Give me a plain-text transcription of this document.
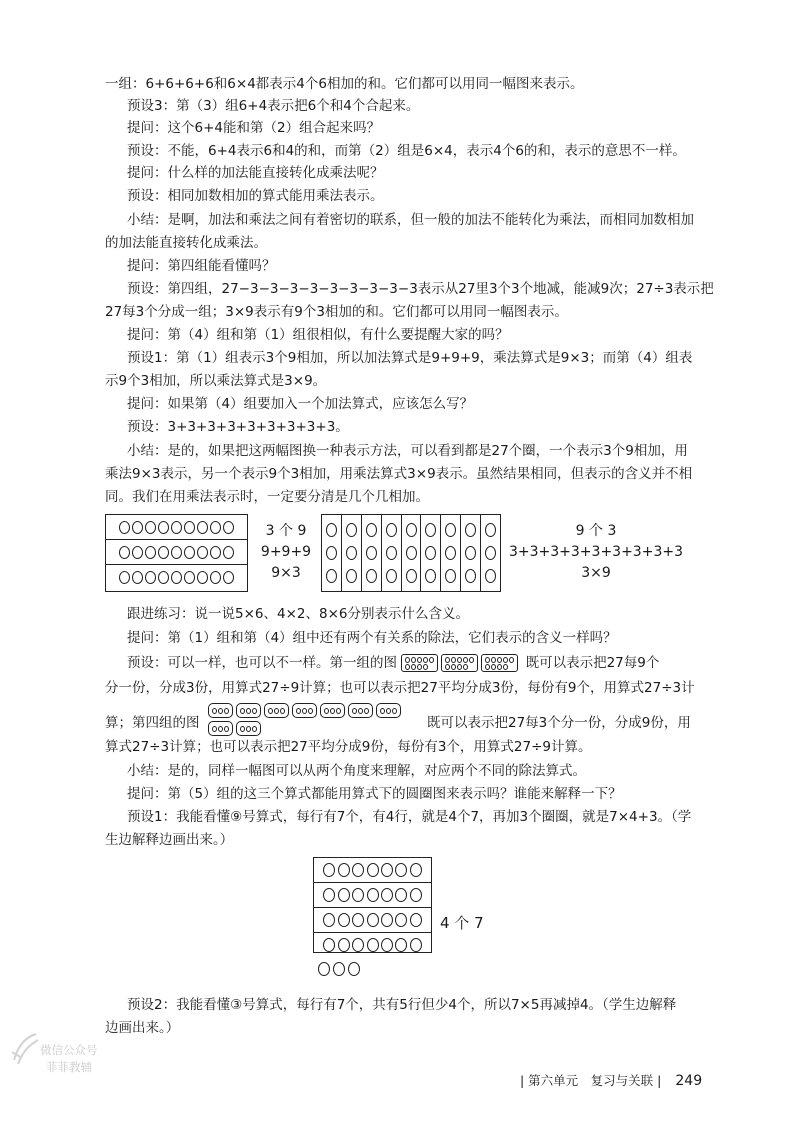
一组：6+6+6+6和6×4都表示4个6相加的和。它们都可以用同一幅图来表示。
预设3：第（3）组6+4表示把6个和4个合起来。
提问：这个6+4能和第（2）组合起来吗？
预设：不能，6+4表示6和4的和，而第（2）组是6×4，表示4个6的和，表示的意思不一样。
提问：什么样的加法能直接转化成乘法呢？
预设：相同加数相加的算式能用乘法表示。
小结：是啊，加法和乘法之间有着密切的联系，但一般的加法不能转化为乘法，而相同加数相加
的加法能直接转化成乘法。
提问：第四组能看懂吗？
预设：第四组，27−3−3−3−3−3−3−3−3−3表示从27里3个3个地减，能减9次；27÷3表示把
27每3个分成一组；3×9表示有9个3相加的和。它们都可以用同一幅图表示。
提问：第（4）组和第（1）组很相似，有什么要提醒大家的吗？
预设1：第（1）组表示3个9相加，所以加法算式是9+9+9，乘法算式是9×3；而第（4）组表
示9个3相加，所以乘法算式是3×9。
提问：如果第（4）组要加入一个加法算式，应该怎么写？
预设：3+3+3+3+3+3+3+3+3。
小结：是的，如果把这两幅图换一种表示方法，可以看到都是27个圈，一个表示3个9相加，用
乘法9×3表示，另一个表示9个3相加，用乘法算式3×9表示。虽然结果相同，但表示的含义并不相
同。我们在用乘法表示时，一定要分清是几个几相加。
3 个 9
9+9+9
9×3
9 个 3
3+3+3+3+3+3+3+3+3
3×9
跟进练习：说一说5×6、4×2、8×6分别表示什么含义。
提问：第（1）组和第（4）组中还有两个有关系的除法，它们表示的含义一样吗？
预设：可以一样，也可以不一样。第一组的图	既可以表示把27每9个
分一份，分成3份，用算式27÷9计算；也可以表示把27平均分成3份，每份有9个，用算式27÷3计
算；第四组的图	既可以表示把27每3个分一份，分成9份，用
算式27÷3计算；也可以表示把27平均分成9份，每份有3个，用算式27÷9计算。
小结：是的，同样一幅图可以从两个角度来理解，对应两个不同的除法算式。
提问：第（5）组的这三个算式都能用算式下的圆圈图来表示吗？谁能来解释一下？
预设1：我能看懂⑨号算式，每行有7个，有4行，就是4个7，再加3个圈圈，就是7×4+3。（学
生边解释边画出来。）
4 个 7
预设2：我能看懂③号算式，每行有7个，共有5行但少4个，所以7×5再减掉4。（学生边解释
边画出来。）
微信公众号
菲菲教辅
| 第六单元　复习与关联 | 249
